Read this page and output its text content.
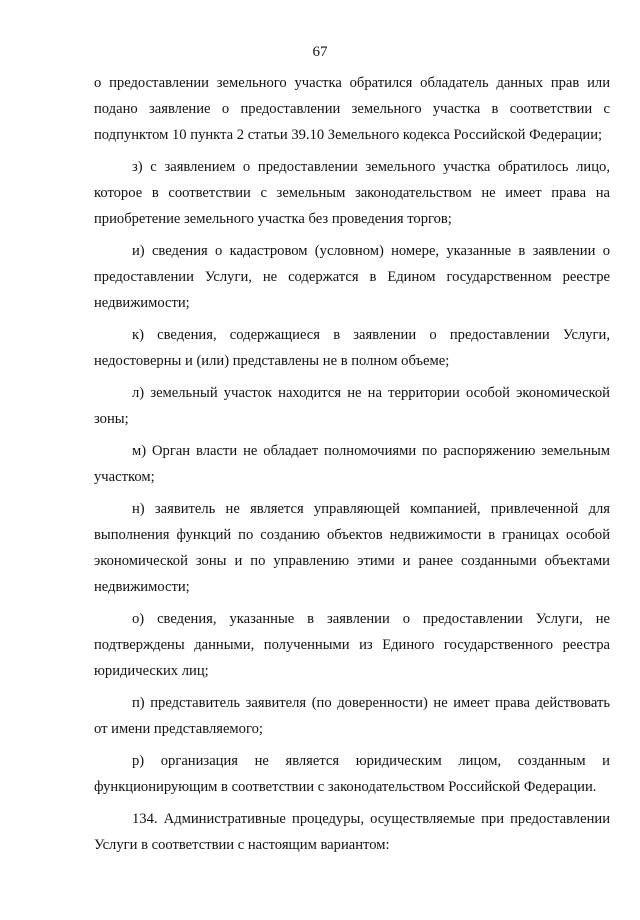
67

о предоставлении земельного участка обратился обладатель данных прав или подано заявление о предоставлении земельного участка в соответствии с подпунктом 10 пункта 2 статьи 39.10 Земельного кодекса Российской Федерации;

з) с заявлением о предоставлении земельного участка обратилось лицо, которое в соответствии с земельным законодательством не имеет права на приобретение земельного участка без проведения торгов;

и) сведения о кадастровом (условном) номере, указанные в заявлении о предоставлении Услуги, не содержатся в Едином государственном реестре недвижимости;

к) сведения, содержащиеся в заявлении о предоставлении Услуги, недостоверны и (или) представлены не в полном объеме;

л) земельный участок находится не на территории особой экономической зоны;

м) Орган власти не обладает полномочиями по распоряжению земельным участком;

н) заявитель не является управляющей компанией, привлеченной для выполнения функций по созданию объектов недвижимости в границах особой экономической зоны и по управлению этими и ранее созданными объектами недвижимости;

о) сведения, указанные в заявлении о предоставлении Услуги, не подтверждены данными, полученными из Единого государственного реестра юридических лиц;

п) представитель заявителя (по доверенности) не имеет права действовать от имени представляемого;

р) организация не является юридическим лицом, созданным и функционирующим в соответствии с законодательством Российской Федерации.

134. Административные процедуры, осуществляемые при предоставлении Услуги в соответствии с настоящим вариантом:
